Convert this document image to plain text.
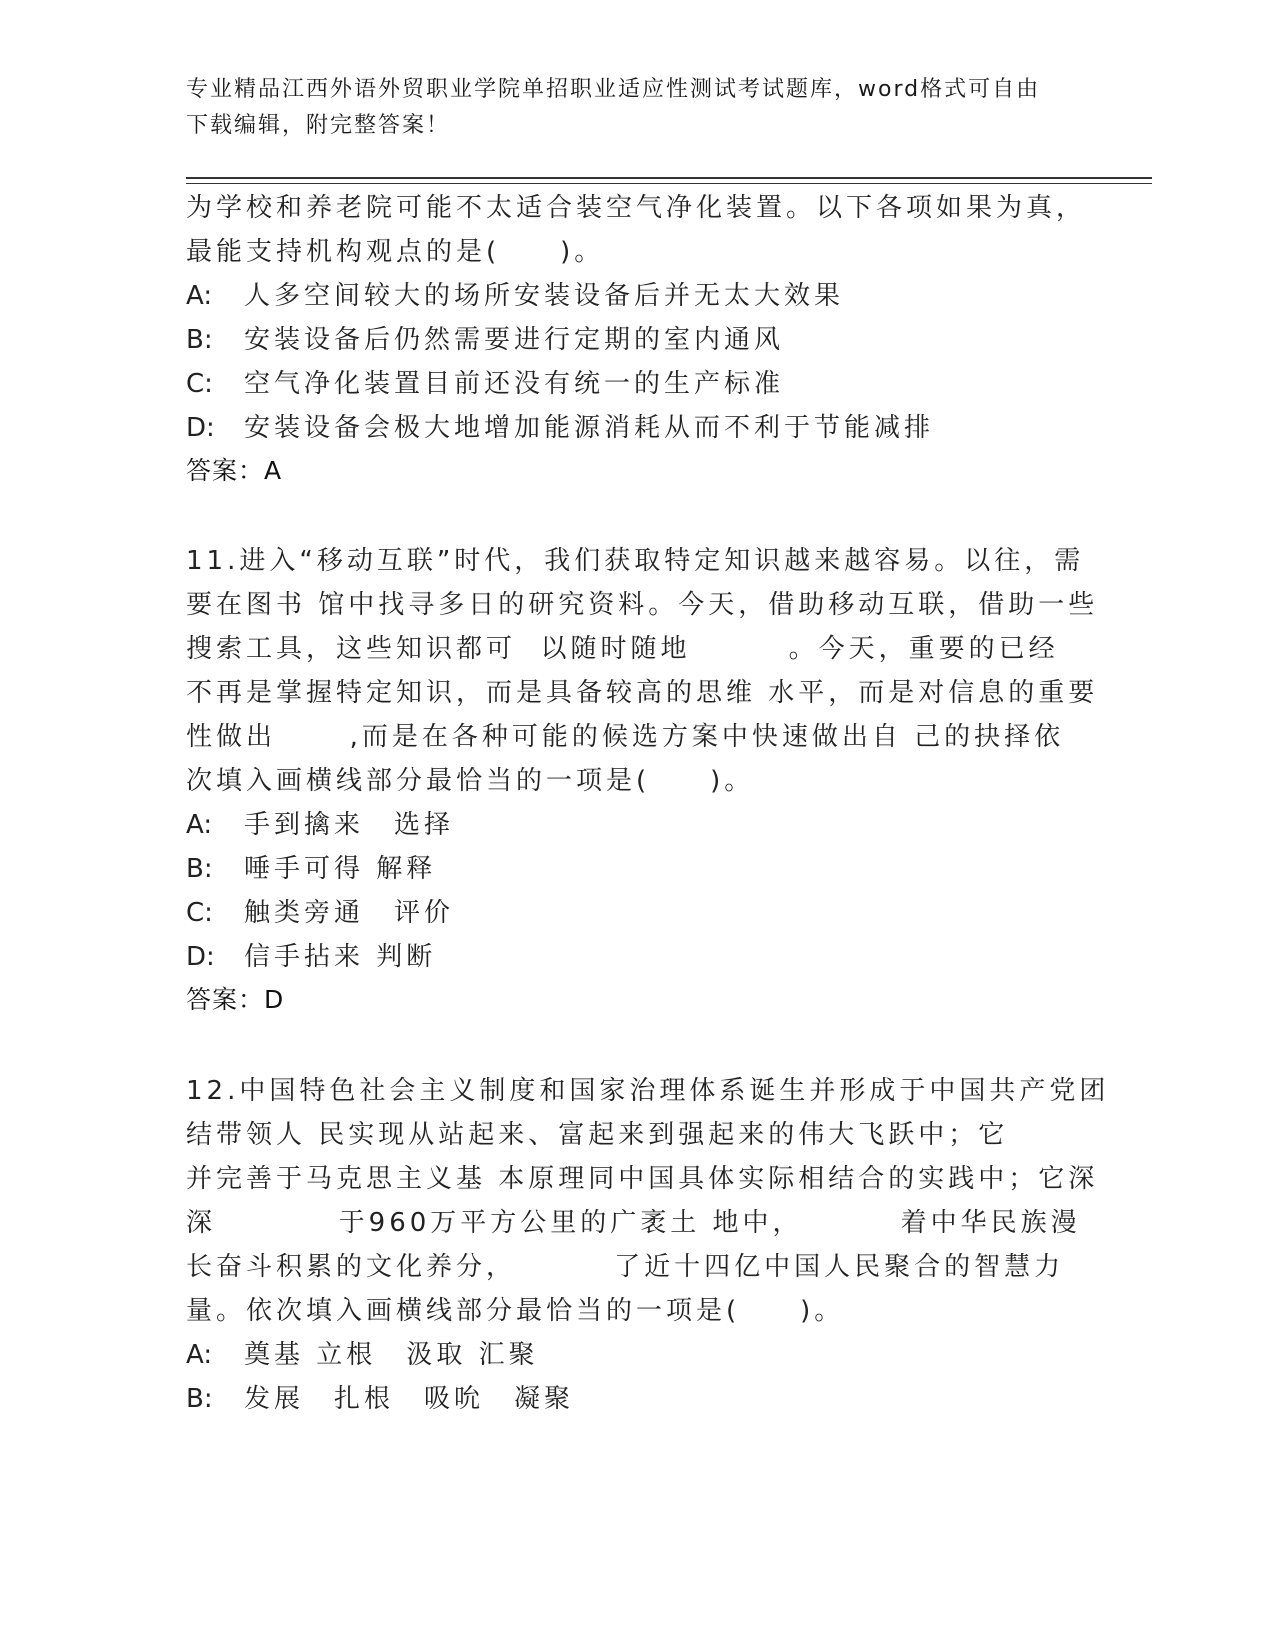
专业精品江西外语外贸职业学院单招职业适应性测试考试题库，word格式可自由
下载编辑，附完整答案！
为学校和养老院可能不太适合装空气净化装置。以下各项如果为真，
最能支持机构观点的是(　　)。
A: 人多空间较大的场所安装设备后并无太大效果
B: 安装设备后仍然需要进行定期的室内通风
C: 空气净化装置目前还没有统一的生产标准
D: 安装设备会极大地增加能源消耗从而不利于节能减排
答案：A
11.进入“移动互联”时代，我们获取特定知识越来越容易。以往，需
要在图书 馆中找寻多日的研究资料。今天，借助移动互联，借助一些
搜索工具，这些知识都可  以随时随地        。今天，重要的已经
不再是掌握特定知识，而是具备较高的思维 水平，而是对信息的重要
性做出      ,而是在各种可能的候选方案中快速做出自 己的抉择依
次填入画横线部分最恰当的一项是(　　)。
A: 手到擒来　选择
B: 唾手可得 解释
C: 触类旁通　评价
D: 信手拈来 判断
答案：D
12.中国特色社会主义制度和国家治理体系诞生并形成于中国共产党团
结带领人 民实现从站起来、富起来到强起来的伟大飞跃中；它
并完善于马克思主义基 本原理同中国具体实际相结合的实践中；它深
深          于960万平方公里的广袤土 地中，        着中华民族漫
长奋斗积累的文化养分，        了近十四亿中国人民聚合的智慧力
量。依次填入画横线部分最恰当的一项是(　　)。
A: 奠基 立根　汲取 汇聚
B: 发展　扎根　吸吮　凝聚
